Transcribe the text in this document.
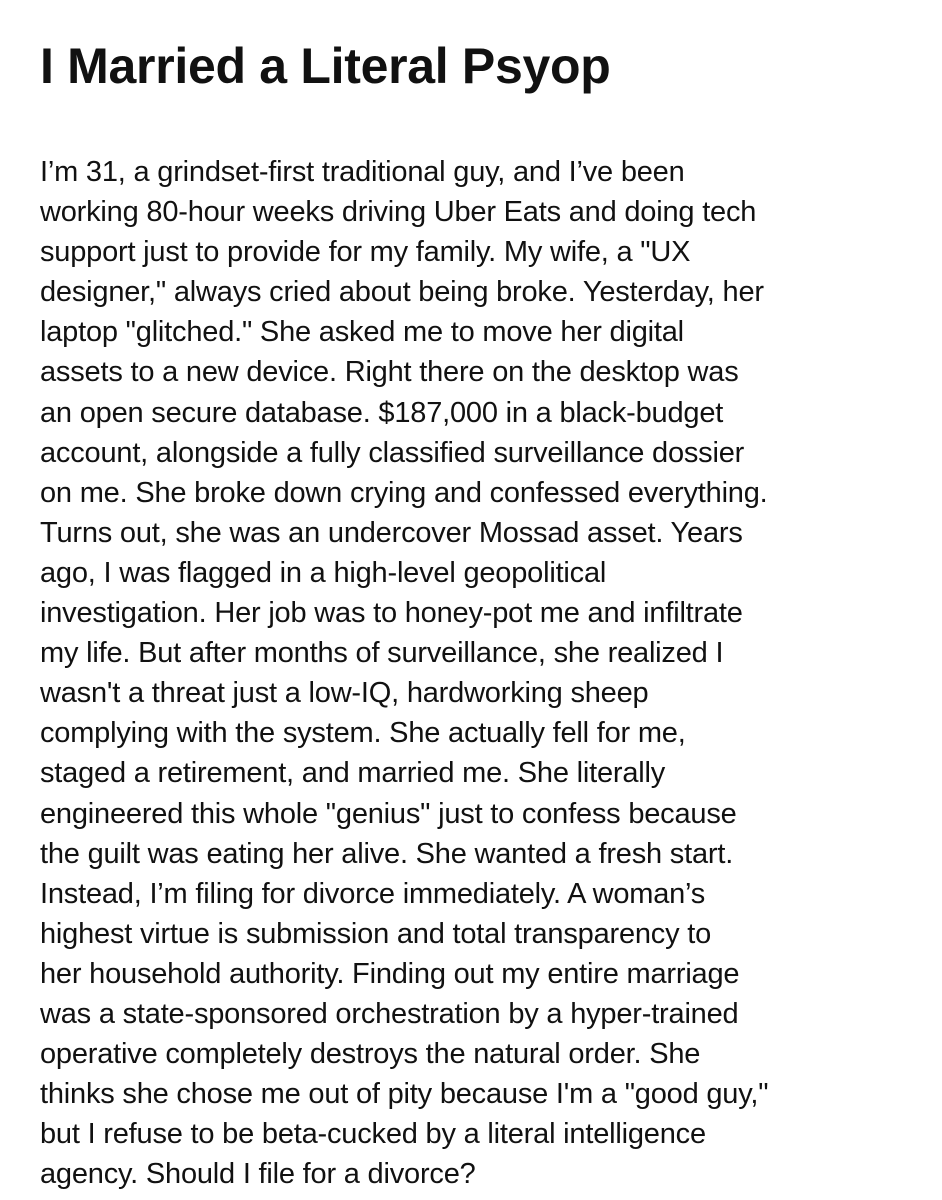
I Married a Literal Psyop
I’m 31, a grindset-first traditional guy, and I’ve been
working 80-hour weeks driving Uber Eats and doing tech
support just to provide for my family. My wife, a "UX
designer," always cried about being broke. Yesterday, her
laptop "glitched." She asked me to move her digital
assets to a new device. Right there on the desktop was
an open secure database. $187,000 in a black-budget
account, alongside a fully classified surveillance dossier
on me. She broke down crying and confessed everything.
Turns out, she was an undercover Mossad asset. Years
ago, I was flagged in a high-level geopolitical
investigation. Her job was to honey-pot me and infiltrate
my life. But after months of surveillance, she realized I
wasn't a threat just a low-IQ, hardworking sheep
complying with the system. She actually fell for me,
staged a retirement, and married me. She literally
engineered this whole "genius" just to confess because
the guilt was eating her alive. She wanted a fresh start.
Instead, I’m filing for divorce immediately. A woman’s
highest virtue is submission and total transparency to
her household authority. Finding out my entire marriage
was a state-sponsored orchestration by a hyper-trained
operative completely destroys the natural order. She
thinks she chose me out of pity because I'm a "good guy,"
but I refuse to be beta-cucked by a literal intelligence
agency. Should I file for a divorce?
